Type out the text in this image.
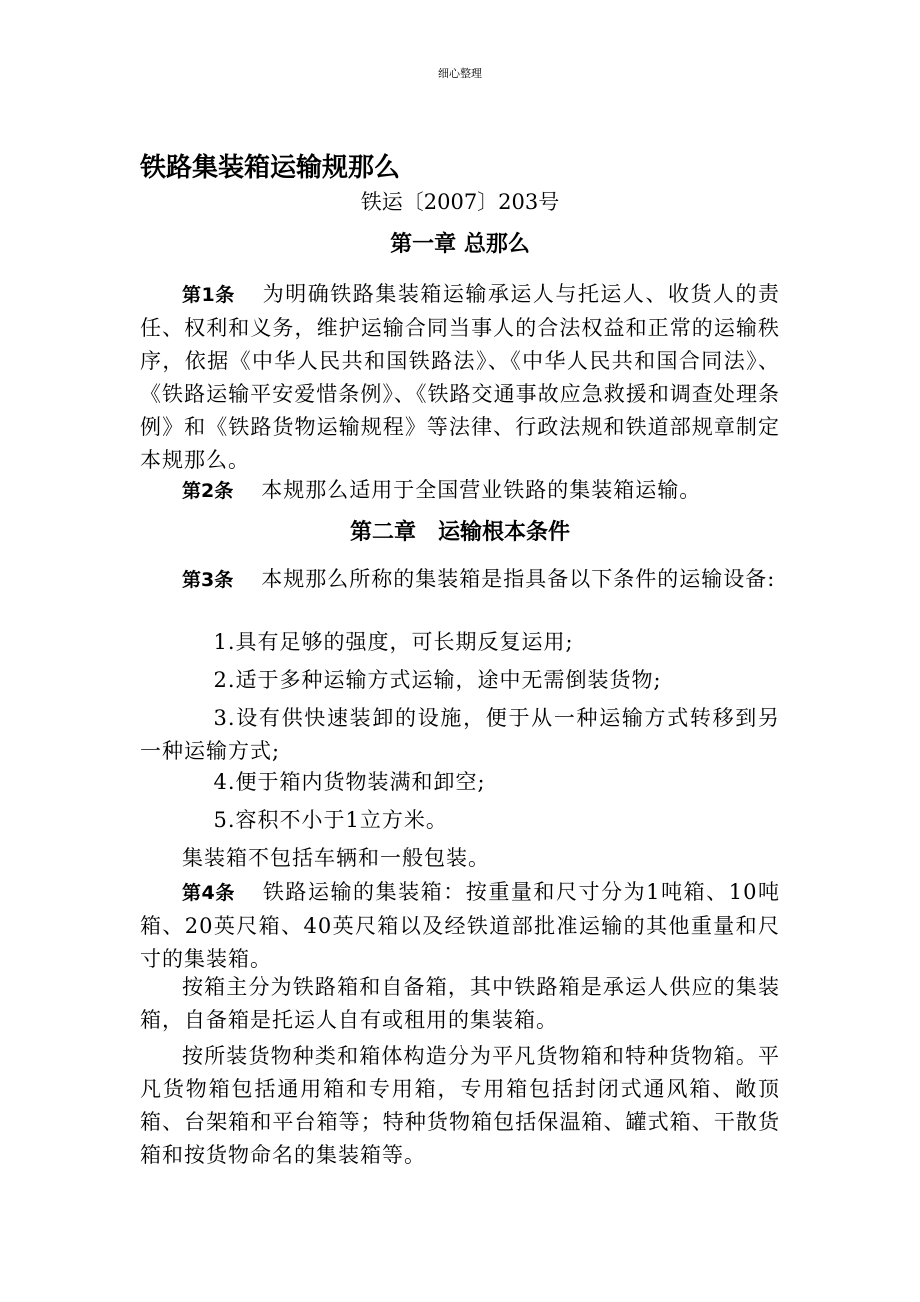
细心整理
铁路集装箱运输规那么
铁运〔2007〕203号
第一章 总那么

第1条 为明确铁路集装箱运输承运人与托运人、收货人的责任、权利和义务，维护运输合同当事人的合法权益和正常的运输秩序，依据《中华人民共和国铁路法》、《中华人民共和国合同法》、《铁路运输平安爱惜条例》、《铁路交通事故应急救援和调查处理条例》和《铁路货物运输规程》等法律、行政法规和铁道部规章制定本规那么。

第2条 本规那么适用于全国营业铁路的集装箱运输。

第二章　运输根本条件

第3条 本规那么所称的集装箱是指具备以下条件的运输设备:

1.具有足够的强度，可长期反复运用;

2.适于多种运输方式运输，途中无需倒装货物;

3.设有供快速装卸的设施，便于从一种运输方式转移到另一种运输方式;

4.便于箱内货物装满和卸空;

5.容积不小于1立方米。

集装箱不包括车辆和一般包装。

第4条 铁路运输的集装箱：按重量和尺寸分为1吨箱、10吨箱、20英尺箱、40英尺箱以及经铁道部批准运输的其他重量和尺寸的集装箱。

按箱主分为铁路箱和自备箱，其中铁路箱是承运人供应的集装箱，自备箱是托运人自有或租用的集装箱。

按所装货物种类和箱体构造分为平凡货物箱和特种货物箱。平凡货物箱包括通用箱和专用箱，专用箱包括封闭式通风箱、敞顶箱、台架箱和平台箱等；特种货物箱包括保温箱、罐式箱、干散货箱和按货物命名的集装箱等。
